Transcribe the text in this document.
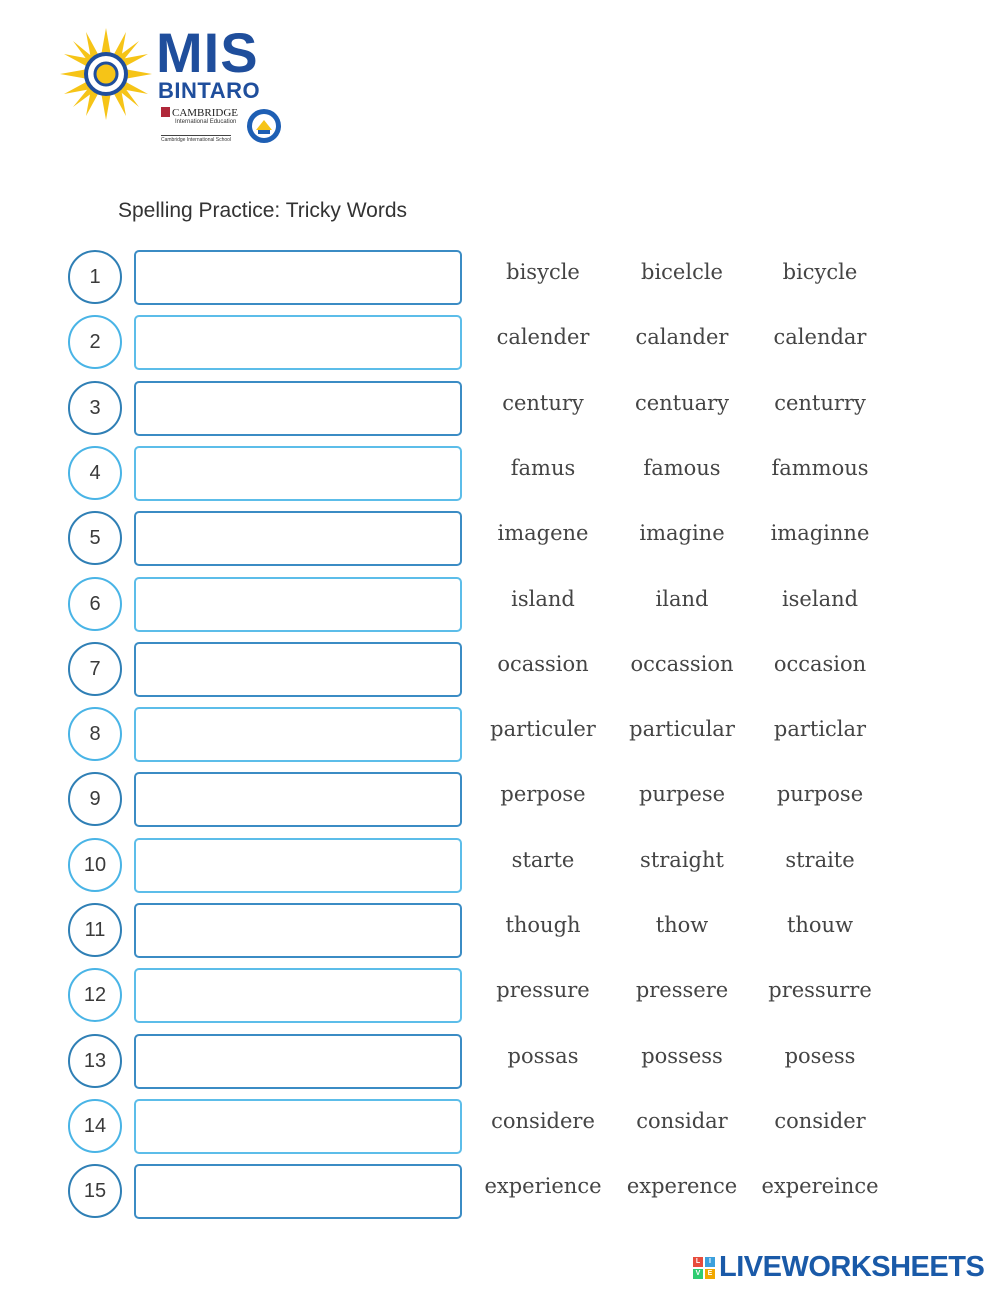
MIS
BINTARO
CAMBRIDGE
International Education
Cambridge International School
Spelling Practice: Tricky Words
1	bisycle	bicelcle	bicycle
2	calender	calander	calendar
3	century	centuary	centurry
4	famus	famous	fammous
5	imagene	imagine	imaginne
6	island	iland	iseland
7	ocassion	occassion	occasion
8	particuler	particular	particlar
9	perpose	purpese	purpose
10	starte	straight	straite
11	though	thow	thouw
12	pressure	pressere	pressurre
13	possas	possess	posess
14	considere	considar	consider
15	experience	experence	expereince
L	I
V	E LIVEWORKSHEETS
